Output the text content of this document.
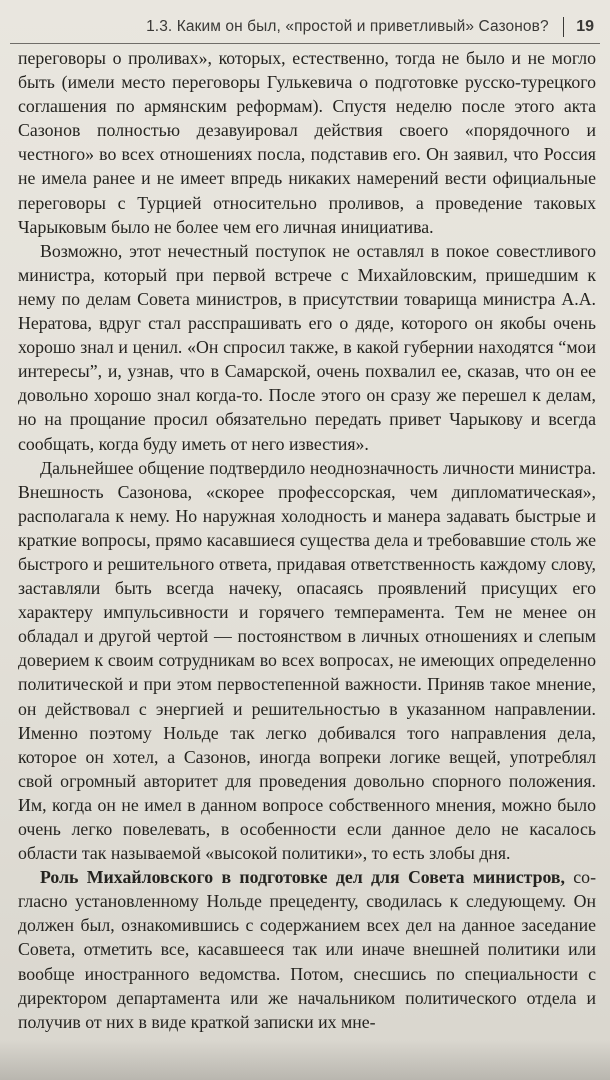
1.3. Каким он был, «простой и приветливый» Сазонов? 19

переговоры о проливах», которых, естественно, тогда не было и не могло быть (имели место переговоры Гулькевича о подготовке русско-турецкого соглашения по армянским реформам). Спустя неделю после этого акта Сазонов полностью дезавуировал действия своего «порядочного и честного» во всех отношениях посла, подставив его. Он заявил, что Россия не имела ранее и не имеет впредь никаких намерений вести официальные переговоры с Турцией относительно проливов, а проведение таковых Чарыковым было не более чем его личная инициатива.

Возможно, этот нечестный поступок не оставлял в покое совестливого министра, который при первой встрече с Михайловским, пришедшим к нему по делам Совета министров, в присутствии товарища министра А.А. Нератова, вдруг стал расспрашивать его о дяде, которого он якобы очень хорошо знал и ценил. «Он спросил также, в какой губернии находятся “мои интересы”, и, узнав, что в Самарской, очень похвалил ее, сказав, что он ее довольно хорошо знал когда-то. После этого он сразу же перешел к делам, но на прощание просил обязательно передать привет Чарыкову и всегда сообщать, когда буду иметь от него известия».

Дальнейшее общение подтвердило неоднозначность личности министра. Внешность Сазонова, «скорее профессорская, чем дипломатическая», располагала к нему. Но наружная холодность и манера задавать быстрые и краткие вопросы, прямо касавшиеся существа дела и требовавшие столь же быстрого и решительного ответа, придавая ответственность каждому слову, заставляли быть всегда начеку, опасаясь проявлений присущих его характеру импульсивности и горячего темперамента. Тем не менее он обладал и другой чертой — постоянством в личных отношениях и слепым доверием к своим сотрудникам во всех вопросах, не имеющих определенно политической и при этом первостепенной важности. Приняв такое мнение, он действовал с энергией и решительностью в указанном направлении. Именно поэтому Нольде так легко добивался того направления дела, которое он хотел, а Сазонов, иногда вопреки логике вещей, употреблял свой огромный авторитет для проведения довольно спорного положения. Им, когда он не имел в данном вопросе собственного мнения, можно было очень легко повелевать, в особенности если данное дело не касалось области так называемой «высокой политики», то есть злобы дня.

Роль Михайловского в подготовке дел для Совета министров, согласно установленному Нольде прецеденту, сводилась к следующему. Он должен был, ознакомившись с содержанием всех дел на данное заседание Совета, отметить все, касавшееся так или иначе внешней политики или вообще иностранного ведомства. Потом, снесшись по специальности с директором департамента или же начальником политического отдела и получив от них в виде краткой записки их мне-
